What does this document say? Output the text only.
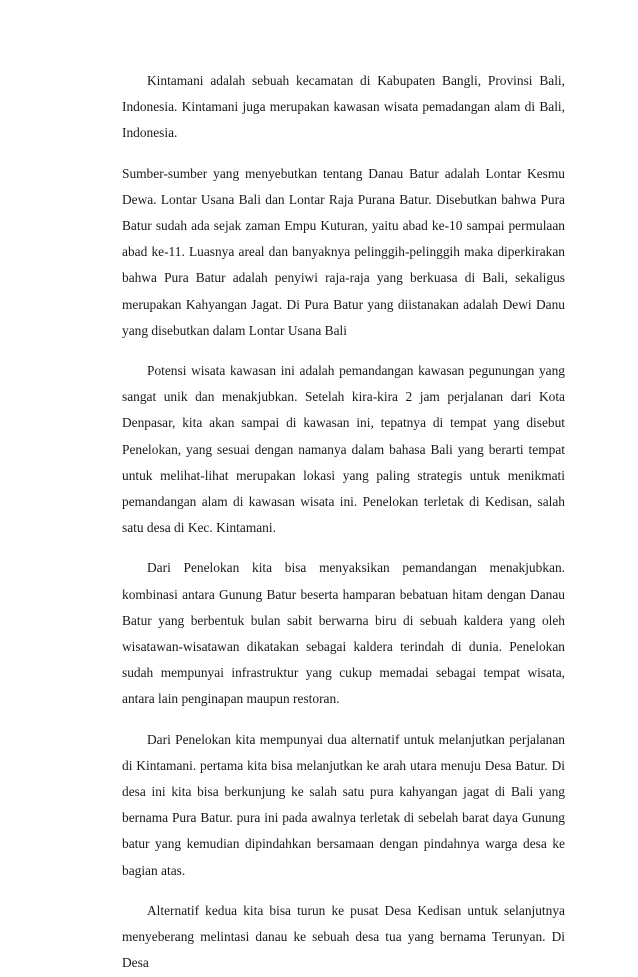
Kintamani adalah sebuah kecamatan di Kabupaten Bangli, Provinsi Bali, Indonesia. Kintamani juga merupakan kawasan wisata pemadangan alam di Bali, Indonesia.

Sumber-sumber yang menyebutkan tentang Danau Batur adalah Lontar Kesmu Dewa. Lontar Usana Bali dan Lontar Raja Purana Batur. Disebutkan bahwa Pura Batur sudah ada sejak zaman Empu Kuturan, yaitu abad ke-10 sampai permulaan abad ke-11. Luasnya areal dan banyaknya pelinggih-pelinggih maka diperkirakan bahwa Pura Batur adalah penyiwi raja-raja yang berkuasa di Bali, sekaligus merupakan Kahyangan Jagat. Di Pura Batur yang diistanakan adalah Dewi Danu yang disebutkan dalam Lontar Usana Bali

Potensi wisata kawasan ini adalah pemandangan kawasan pegunungan yang sangat unik dan menakjubkan. Setelah kira-kira 2 jam perjalanan dari Kota Denpasar, kita akan sampai di kawasan ini, tepatnya di tempat yang disebut Penelokan, yang sesuai dengan namanya dalam bahasa Bali yang berarti tempat untuk melihat-lihat merupakan lokasi yang paling strategis untuk menikmati pemandangan alam di kawasan wisata ini. Penelokan terletak di Kedisan, salah satu desa di Kec. Kintamani.

Dari Penelokan kita bisa menyaksikan pemandangan menakjubkan. kombinasi antara Gunung Batur beserta hamparan bebatuan hitam dengan Danau Batur yang berbentuk bulan sabit berwarna biru di sebuah kaldera yang oleh wisatawan-wisatawan dikatakan sebagai kaldera terindah di dunia. Penelokan sudah mempunyai infrastruktur yang cukup memadai sebagai tempat wisata, antara lain penginapan maupun restoran.

Dari Penelokan kita mempunyai dua alternatif untuk melanjutkan perjalanan di Kintamani. pertama kita bisa melanjutkan ke arah utara menuju Desa Batur. Di desa ini kita bisa berkunjung ke salah satu pura kahyangan jagat di Bali yang bernama Pura Batur. pura ini pada awalnya terletak di sebelah barat daya Gunung batur yang kemudian dipindahkan bersamaan dengan pindahnya warga desa ke bagian atas.

Alternatif kedua kita bisa turun ke pusat Desa Kedisan untuk selanjutnya menyeberang melintasi danau ke sebuah desa tua yang bernama Terunyan. Di Desa
